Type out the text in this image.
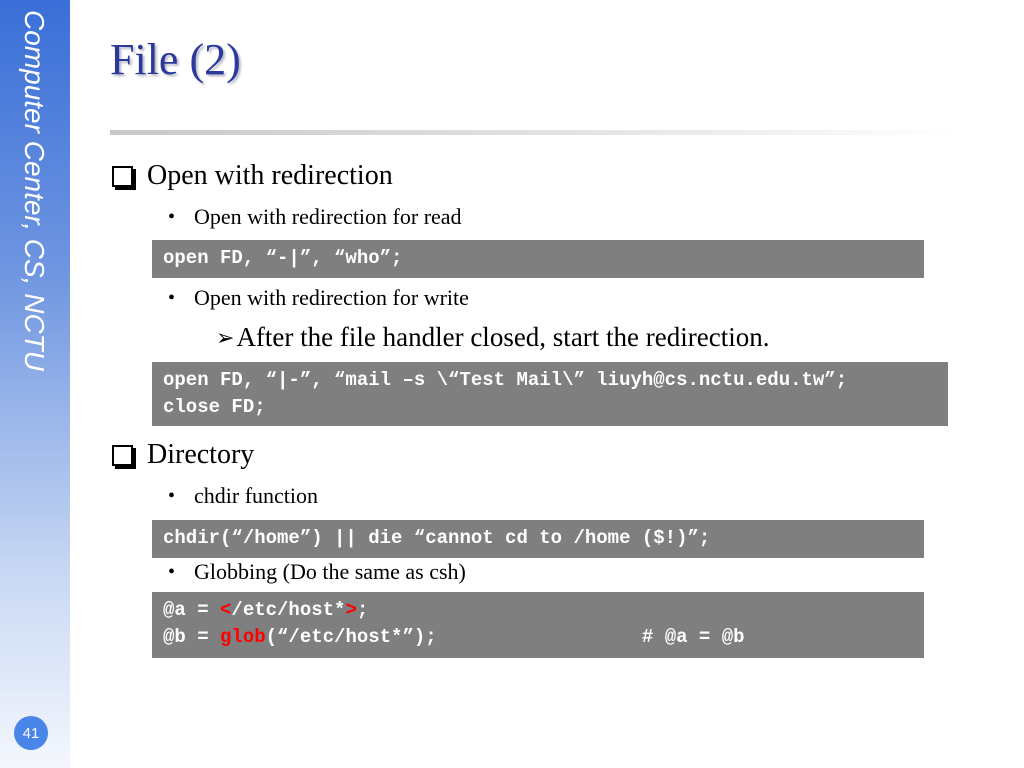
Computer Center, CS, NCTU
41
File (2)
Open with redirection
• Open with redirection for read
open FD, “-|”, “who”;
• Open with redirection for write
➢ After the file handler closed, start the redirection.
open FD, “|-”, “mail –s \“Test Mail\” liuyh@cs.nctu.edu.tw”;
close FD;
Directory
• chdir function
chdir(“/home”) || die “cannot cd to /home ($!)”;
• Globbing (Do the same as csh)
@a = </etc/host*>;
@b = glob(“/etc/host*”);	# @a = @b
